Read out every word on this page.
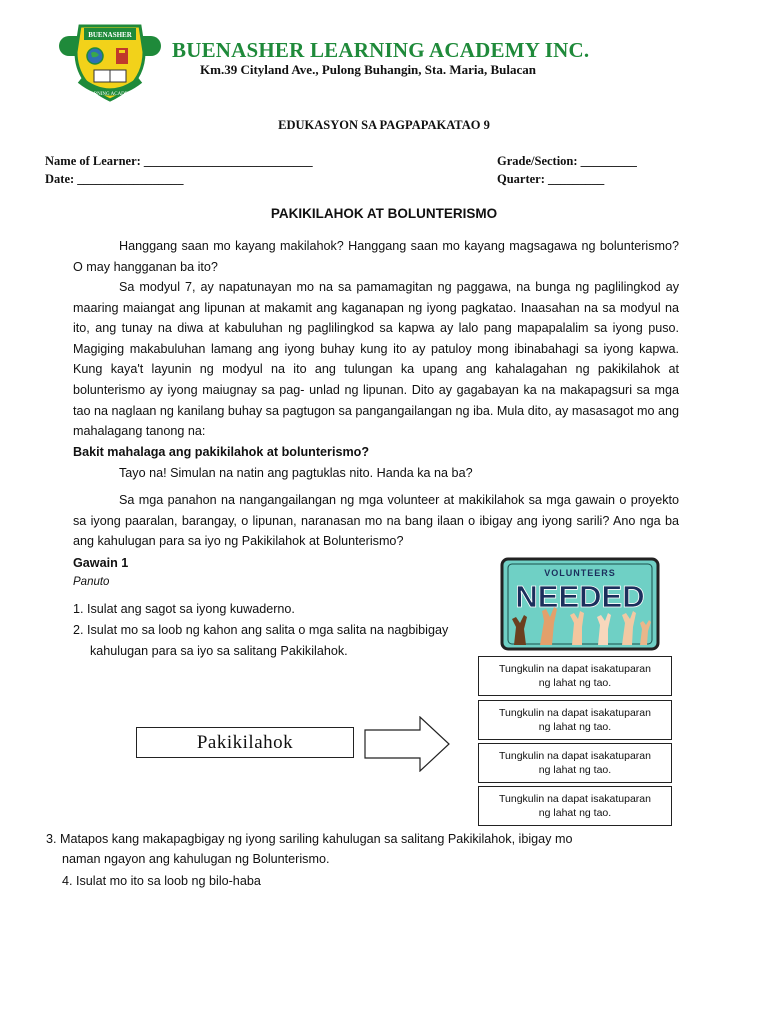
BUENASHER
LEARNING ACADEMY
BUENASHER LEARNING ACADEMY INC.
Km.39 Cityland Ave., Pulong Buhangin, Sta. Maria, Bulacan
EDUKASYON SA PAGPAPAKATAO 9
Name of Learner: ___________________________	Grade/Section: _________
Date: _________________	Quarter: _________
PAKIKILAHOK AT BOLUNTERISMO

Hanggang saan mo kayang makilahok? Hanggang saan mo kayang magsagawa ng bolunterismo? O may hangganan ba ito?

Sa modyul 7, ay napatunayan mo na sa pamamagitan ng paggawa, na bunga ng paglilingkod ay maaring maiangat ang lipunan at makamit ang kaganapan ng iyong pagkatao. Inaasahan na sa modyul na ito, ang tunay na diwa at kabuluhan ng paglilingkod sa kapwa ay lalo pang mapapalalim sa iyong puso. Magiging makabuluhan lamang ang iyong buhay kung ito ay patuloy mong ibinabahagi sa iyong kapwa. Kung kaya't layunin ng modyul na ito ang tulungan ka upang ang kahalagahan ng pakikilahok at bolunterismo ay iyong maiugnay sa pag- unlad ng lipunan. Dito ay gagabayan ka na makapagsuri sa mga tao na naglaan ng kanilang buhay sa pagtugon sa pangangailangan ng iba. Mula dito, ay masasagot mo ang mahalagang tanong na:

Bakit mahalaga ang pakikilahok at bolunterismo?

Tayo na! Simulan na natin ang pagtuklas nito. Handa ka na ba?

Sa mga panahon na nangangailangan ng mga volunteer at makikilahok sa mga gawain o proyekto sa iyong paaralan, barangay, o lipunan, naranasan mo na bang ilaan o ibigay ang iyong sarili? Ano nga ba ang kahulugan para sa iyo ng Pakikilahok at Bolunterismo?

Gawain 1
Panuto
1. Isulat ang sagot sa iyong kuwaderno.
2. Isulat mo sa loob ng kahon ang salita o mga salita na nagbibigay
kahulugan para sa iyo sa salitang Pakikilahok.
VOLUNTEERS
NEEDED
Tungkulin na dapat isakatuparan ng lahat ng tao.
Pakikilahok
Tungkulin na dapat isakatuparan ng lahat ng tao.
Tungkulin na dapat isakatuparan ng lahat ng tao.
Tungkulin na dapat isakatuparan ng lahat ng tao.
3. Matapos kang makapagbigay ng iyong sariling kahulugan sa salitang Pakikilahok, ibigay mo
naman ngayon ang kahulugan ng Bolunterismo.
4. Isulat mo ito sa loob ng bilo-haba
